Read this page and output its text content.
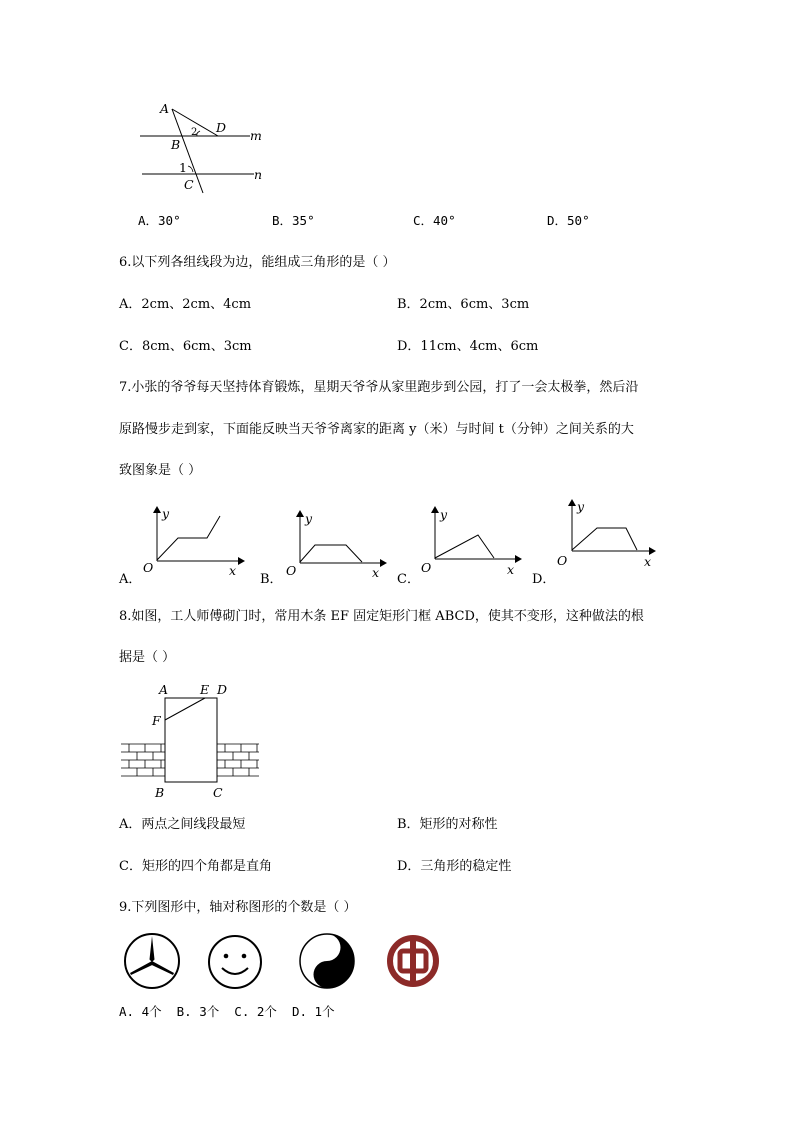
A
D
m
B
2
1	n
C
A．30°	B．35°	C．40°	D．50°
6.以下列各组线段为边，能组成三角形的是（ ）
A．2cm、2cm、4cm	B．2cm、6cm、3cm
C．8cm、6cm、3cm	D．11cm、4cm、6cm
7.小张的爷爷每天坚持体育锻炼，星期天爷爷从家里跑步到公园，打了一会太极拳，然后沿
原路慢步走到家，下面能反映当天爷爷离家的距离 y（米）与时间 t（分钟）之间关系的大
致图象是（ ）
y
O	x
A．
y
O	x
B．
y
O	x
C．
y
O	x
D．
8.如图，工人师傅砌门时，常用木条 EF 固定矩形门框 ABCD，使其不变形，这种做法的根
据是（ ）
A	E D
F
B	C
A．两点之间线段最短	B．矩形的对称性
C．矩形的四个角都是直角	D．三角形的稳定性
9.下列图形中，轴对称图形的个数是（ ）
A. 4个  B. 3个  C. 2个  D. 1个
